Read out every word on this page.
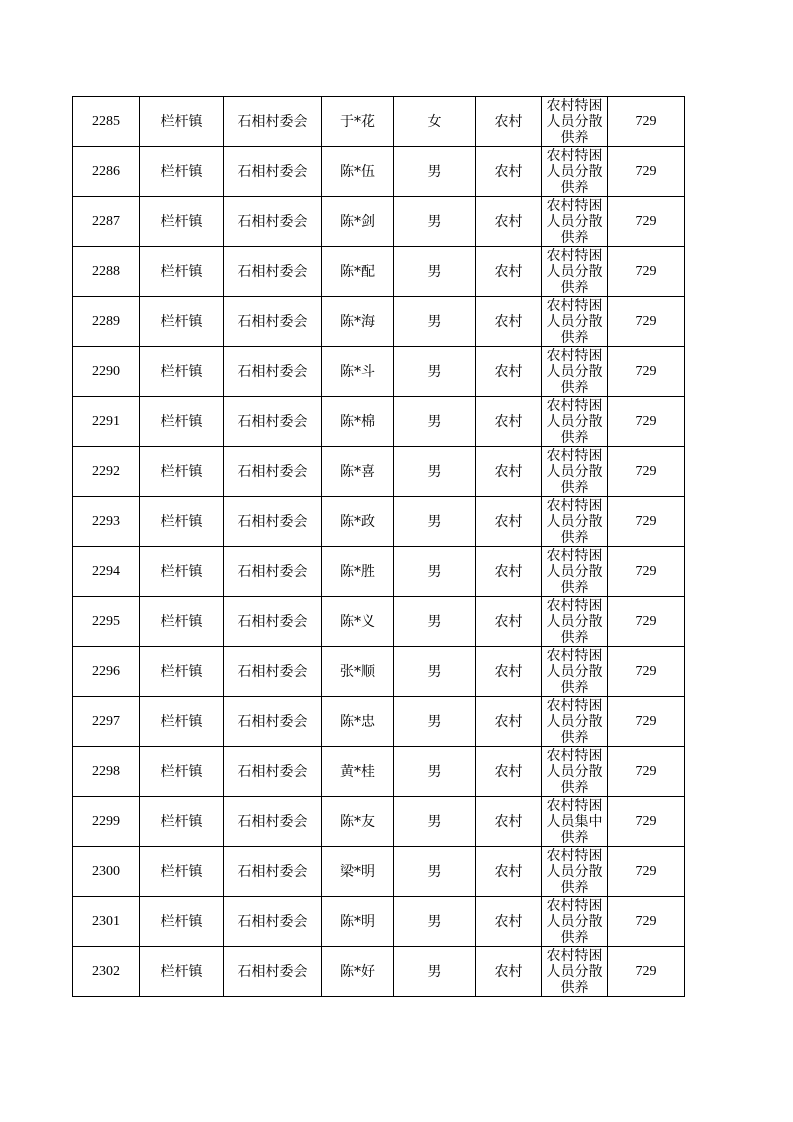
2285	栏杆镇	石相村委会	于*花	女	农村	农村特困人员分散供养	729
2286	栏杆镇	石相村委会	陈*伍	男	农村	农村特困人员分散供养	729
2287	栏杆镇	石相村委会	陈*剑	男	农村	农村特困人员分散供养	729
2288	栏杆镇	石相村委会	陈*配	男	农村	农村特困人员分散供养	729
2289	栏杆镇	石相村委会	陈*海	男	农村	农村特困人员分散供养	729
2290	栏杆镇	石相村委会	陈*斗	男	农村	农村特困人员分散供养	729
2291	栏杆镇	石相村委会	陈*棉	男	农村	农村特困人员分散供养	729
2292	栏杆镇	石相村委会	陈*喜	男	农村	农村特困人员分散供养	729
2293	栏杆镇	石相村委会	陈*政	男	农村	农村特困人员分散供养	729
2294	栏杆镇	石相村委会	陈*胜	男	农村	农村特困人员分散供养	729
2295	栏杆镇	石相村委会	陈*义	男	农村	农村特困人员分散供养	729
2296	栏杆镇	石相村委会	张*顺	男	农村	农村特困人员分散供养	729
2297	栏杆镇	石相村委会	陈*忠	男	农村	农村特困人员分散供养	729
2298	栏杆镇	石相村委会	黄*桂	男	农村	农村特困人员分散供养	729
2299	栏杆镇	石相村委会	陈*友	男	农村	农村特困人员集中供养	729
2300	栏杆镇	石相村委会	梁*明	男	农村	农村特困人员分散供养	729
2301	栏杆镇	石相村委会	陈*明	男	农村	农村特困人员分散供养	729
2302	栏杆镇	石相村委会	陈*好	男	农村	农村特困人员分散供养	729
